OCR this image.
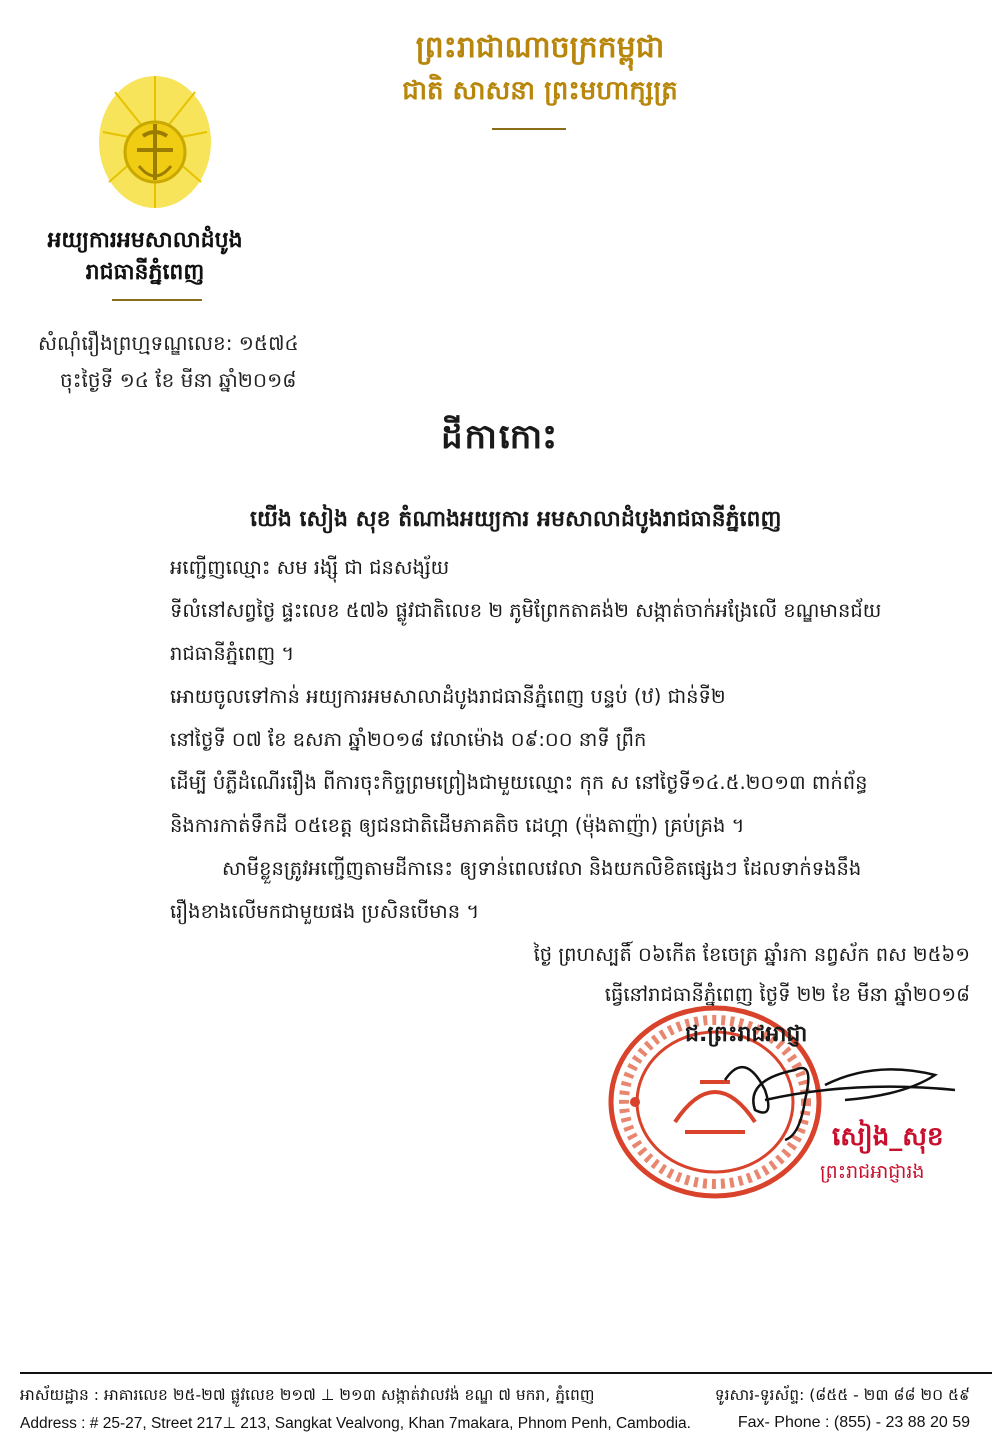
ព្រះរាជាណាចក្រកម្ពុជា
ជាតិ សាសនា ព្រះមហាក្សត្រ
អយ្យការអមសាលាដំបូង
រាជធានីភ្នំពេញ
សំណុំរឿងព្រហ្មទណ្ឌលេខ: ១៥៧៤
ចុះថ្ងៃទី ១៤ ខែ មីនា ឆ្នាំ២០១៨
ដីកាកោះ
យើង សៀង សុខ តំណាងអយ្យការ អមសាលាដំបូងរាជធានីភ្នំពេញ
អញ្ជើញឈ្មោះ សម រង្ស៊ី ជា ជនសង្ស័យ
ទីលំនៅសព្វថ្ងៃ ផ្ទះលេខ ៥៧៦ ផ្លូវជាតិលេខ ២ ភូមិព្រែកតាគង់២ សង្កាត់ចាក់អង្រែលើ ខណ្ឌមានជ័យ
រាជធានីភ្នំពេញ ។
អោយចូលទៅកាន់ អយ្យការអមសាលាដំបូងរាជធានីភ្នំពេញ បន្ទប់ (ឋ) ជាន់ទី២
នៅថ្ងៃទី ០៧ ខែ ឧសភា ឆ្នាំ២០១៨ វេលាម៉ោង ០៩:០០ នាទី ព្រឹក
ដើម្បី បំភ្លឺដំណើររឿង ពីការចុះកិច្ចព្រមព្រៀងជាមួយឈ្មោះ កុក ស នៅថ្ងៃទី១៤.៥.២០១៣ ពាក់ព័ន្ធ
និងការកាត់ទឹកដី ០៥ខេត្ត ឲ្យជនជាតិដើមភាគតិច ដេហ្គា (ម៉ុងតាញ៉ា) គ្រប់គ្រង ។
សាមីខ្លួនត្រូវអញ្ជើញតាមដីកានេះ ឲ្យទាន់ពេលវេលា និងយកលិខិតផ្សេងៗ ដែលទាក់ទងនឹង
រឿងខាងលើមកជាមួយផង ប្រសិនបើមាន ។
ថ្ងៃ ព្រហស្បតិ៍ ០៦កើត ខែចេត្រ ឆ្នាំរកា នព្វស័ក ពស ២៥៦១
ធ្វើនៅរាជធានីភ្នំពេញ ថ្ងៃទី ២២ ខែ មីនា ឆ្នាំ២០១៨
ជ.ព្រះរាជអាជ្ញា
សៀង_សុខ
ព្រះរាជអាជ្ញារង
អាស័យដ្ឋាន : អាគារលេខ ២៥-២៧ ផ្លូវលេខ ២១៧ ⊥ ២១៣ សង្កាត់វាលវង់ ខណ្ឌ ៧ មករា, ភ្នំពេញ	ទូរសារ-ទូរស័ព្ទ: (៨៥៥ - ២៣ ៨៨ ២០ ៥៩
Address : # 25-27, Street 217⊥ 213, Sangkat Vealvong, Khan 7makara, Phnom Penh, Cambodia.	Fax- Phone : (855) - 23 88 20 59
